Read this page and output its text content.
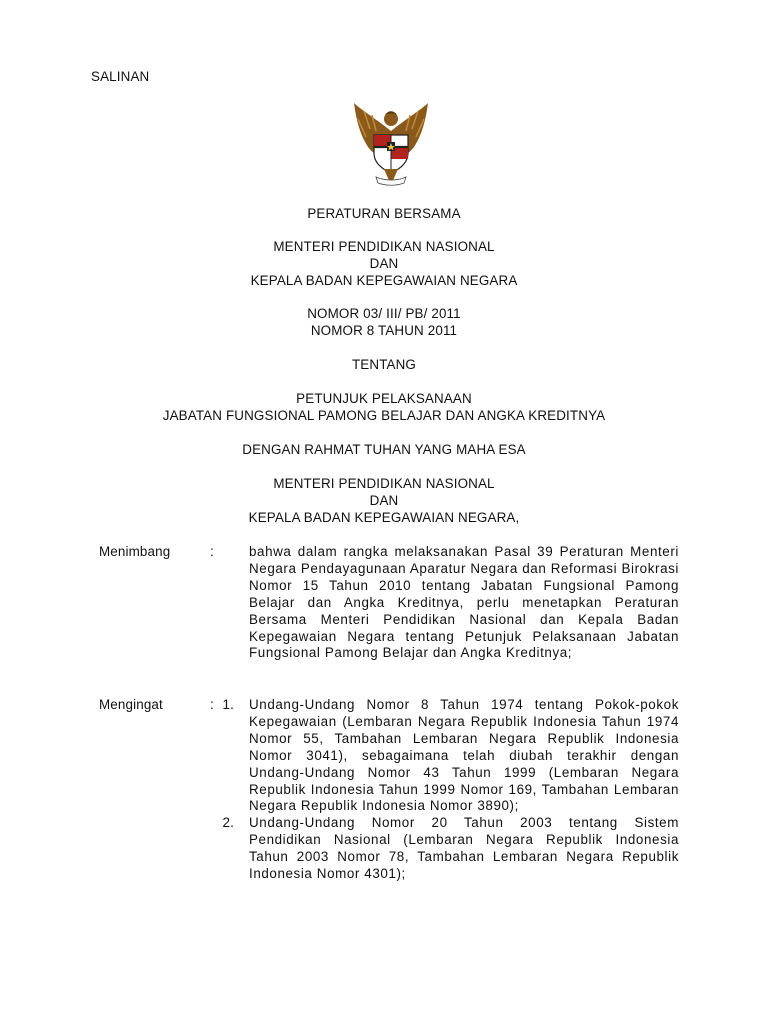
SALINAN
PERATURAN BERSAMA
MENTERI PENDIDIKAN NASIONAL
DAN
KEPALA BADAN KEPEGAWAIAN NEGARA
NOMOR 03/ III/ PB/ 2011
NOMOR 8 TAHUN 2011
TENTANG
PETUNJUK PELAKSANAAN
JABATAN FUNGSIONAL PAMONG BELAJAR DAN ANGKA KREDITNYA
DENGAN RAHMAT TUHAN YANG MAHA ESA
MENTERI PENDIDIKAN NASIONAL
DAN
KEPALA BADAN KEPEGAWAIAN NEGARA,
Menimbang	:	bahwa dalam rangka melaksanakan Pasal 39 Peraturan Menteri Negara Pendayagunaan Aparatur Negara dan Reformasi Birokrasi Nomor 15 Tahun 2010 tentang Jabatan Fungsional Pamong Belajar dan Angka Kreditnya, perlu menetapkan Peraturan Bersama Menteri Pendidikan Nasional dan Kepala Badan Kepegawaian Negara tentang Petunjuk Pelaksanaan Jabatan Fungsional Pamong Belajar dan Angka Kreditnya;
Mengingat	: 1. Undang-Undang Nomor 8 Tahun 1974 tentang Pokok-pokok Kepegawaian (Lembaran Negara Republik Indonesia Tahun 1974 Nomor 55, Tambahan Lembaran Negara Republik Indonesia Nomor 3041), sebagaimana telah diubah terakhir dengan Undang-Undang Nomor 43 Tahun 1999 (Lembaran Negara Republik Indonesia Tahun 1999 Nomor 169, Tambahan Lembaran Negara Republik Indonesia Nomor 3890);
2. Undang-Undang Nomor 20 Tahun 2003 tentang Sistem Pendidikan Nasional (Lembaran Negara Republik Indonesia Tahun 2003 Nomor 78, Tambahan Lembaran Negara Republik Indonesia Nomor 4301);
